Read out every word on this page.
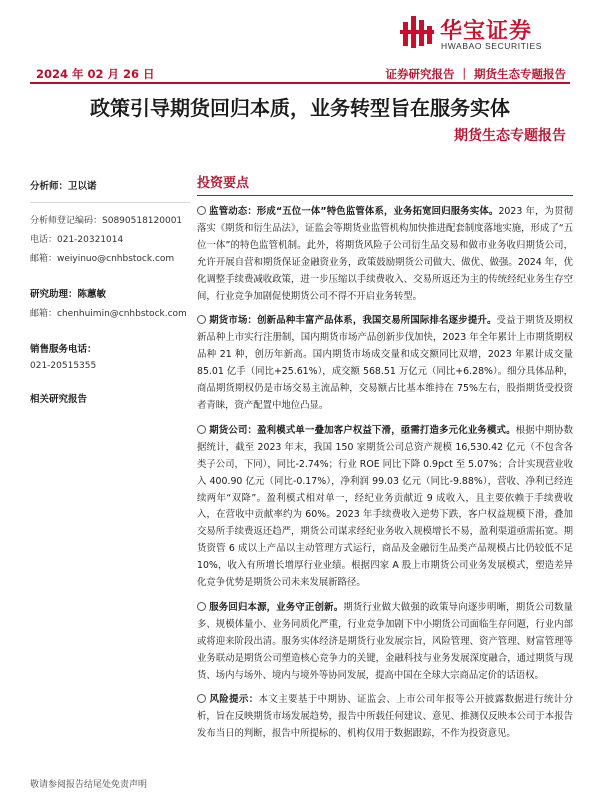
华宝证券
HWABAO SECURITIES
2024 年 02 月 26 日	证券研究报告 ｜ 期货生态专题报告
政策引导期货回归本质，业务转型旨在服务实体
期货生态专题报告
分析师：卫以诺
分析师登记编码：S0890518120001
电话：021-20321014
邮箱：weiyinuo@cnhbstock.com
研究助理：陈蕙敏
邮箱：chenhuimin@cnhbstock.com
销售服务电话：
021-20515355
相关研究报告
投资要点
监管动态：形成“五位一体”特色监管体系，业务拓宽回归服务实体。2023 年，为贯彻落实《期货和衍生品法》，证监会等期货业监管机构加快推进配套制度落地实施，形成了“五位一体”的特色监管机制。此外，将期货风险子公司衍生品交易和做市业务收归期货公司，允许开展自营和期货保证金融资业务，政策鼓励期货公司做大、做优、做强。2024 年，优化调整手续费减收政策，进一步压缩以手续费收入、交易所返还为主的传统经纪业务生存空间，行业竞争加剧促使期货公司不得不开启业务转型。
期货市场：创新品种丰富产品体系，我国交易所国际排名逐步提升。受益于期货及期权新品种上市实行注册制，国内期货市场产品创新步伐加快，2023 年全年累计上市期货期权品种 21 种，创历年新高。国内期货市场成交量和成交额同比双增，2023 年累计成交量 85.01 亿手（同比+25.61%），成交额 568.51 万亿元（同比+6.28%）。细分具体品种，商品期货期权仍是市场交易主流品种，交易额占比基本维持在 75%左右，股指期货受投资者青睐，资产配置中地位凸显。
期货公司：盈利模式单一叠加客户权益下滑，亟需打造多元化业务模式。根据中期协数据统计，截至 2023 年末，我国 150 家期货公司总资产规模 16,530.42 亿元（不包含各类子公司，下同），同比-2.74%；行业 ROE 同比下降 0.9pct 至 5.07%；合计实现营业收入 400.90 亿元（同比-0.17%），净利润 99.03 亿元（同比-9.88%），营收、净利已经连续两年“双降”。盈利模式相对单一，经纪业务贡献近 9 成收入，且主要依赖于手续费收入，在营收中贡献率约为 60%。2023 年手续费收入逆势下跌，客户权益规模下滑，叠加交易所手续费返还趋严，期货公司谋求经纪业务收入规模增长不易，盈利渠道亟需拓宽。期货资管 6 成以上产品以主动管理方式运行，商品及金融衍生品类产品规模占比仍较低不足 10%，收入有所增长增厚行业业绩。根据四家 A 股上市期货公司业务发展模式，塑造差异化竞争优势是期货公司未来发展新路径。
服务回归本源，业务守正创新。期货行业做大做强的政策导向逐步明晰，期货公司数量多、规模体量小、业务同质化严重，行业竞争加剧下中小期货公司面临生存问题，行业内部或将迎来阶段出清。服务实体经济是期货行业发展宗旨，风险管理、资产管理、财富管理等业务联动是期货公司塑造核心竞争力的关键，金融科技与业务发展深度融合，通过期货与现货、场内与场外、境内与境外等协同发展，提高中国在全球大宗商品定价的话语权。
风险提示：本文主要基于中期协、证监会、上市公司年报等公开披露数据进行统计分析，旨在反映期货市场发展趋势，报告中所载任何建议、意见、推测仅反映本公司于本报告发布当日的判断，报告中所提标的、机构仅用于数据跟踪，不作为投资意见。
敬请参阅报告结尾处免责声明
